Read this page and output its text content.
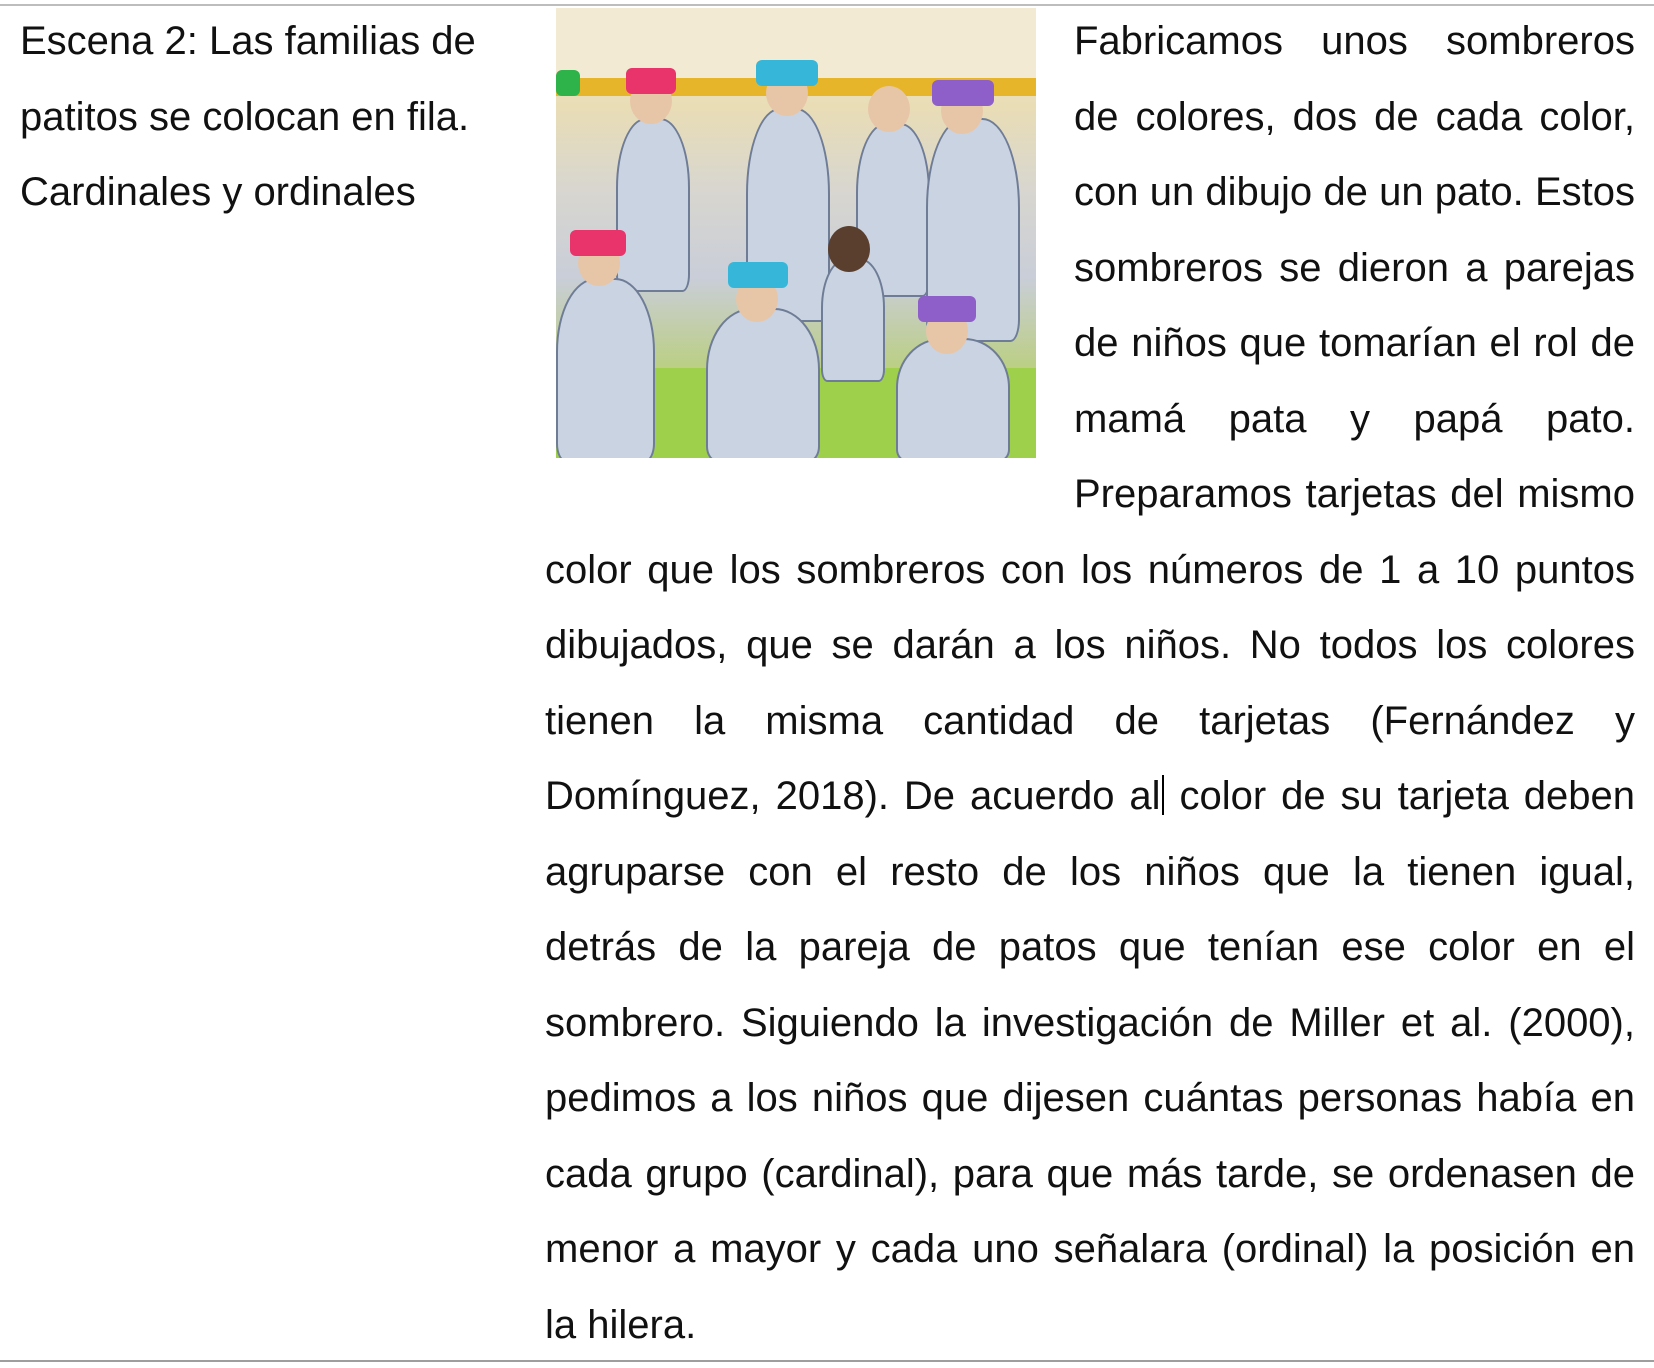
Escena 2: Las familias de
patitos se colocan en fila.
Cardinales y ordinales
Fabricamos unos sombreros de colores, dos de cada color, con un dibujo de un pato. Estos sombreros se dieron a parejas de niños que tomarían el rol de mamá pata y papá pato. Preparamos tarjetas del mismo color que los sombreros con los números de 1 a 10 puntos dibujados, que se darán a los niños. No todos los colores tienen la misma cantidad de tarjetas (Fernández y Domínguez, 2018). De acuerdo al color de su tarjeta deben agruparse con el resto de los niños que la tienen igual, detrás de la pareja de patos que tenían ese color en el sombrero. Siguiendo la investigación de Miller et al. (2000), pedimos a los niños que dijesen cuántas personas había en cada grupo (cardinal), para que más tarde, se ordenasen de menor a mayor y cada uno señalara (ordinal) la posición en la hilera.
